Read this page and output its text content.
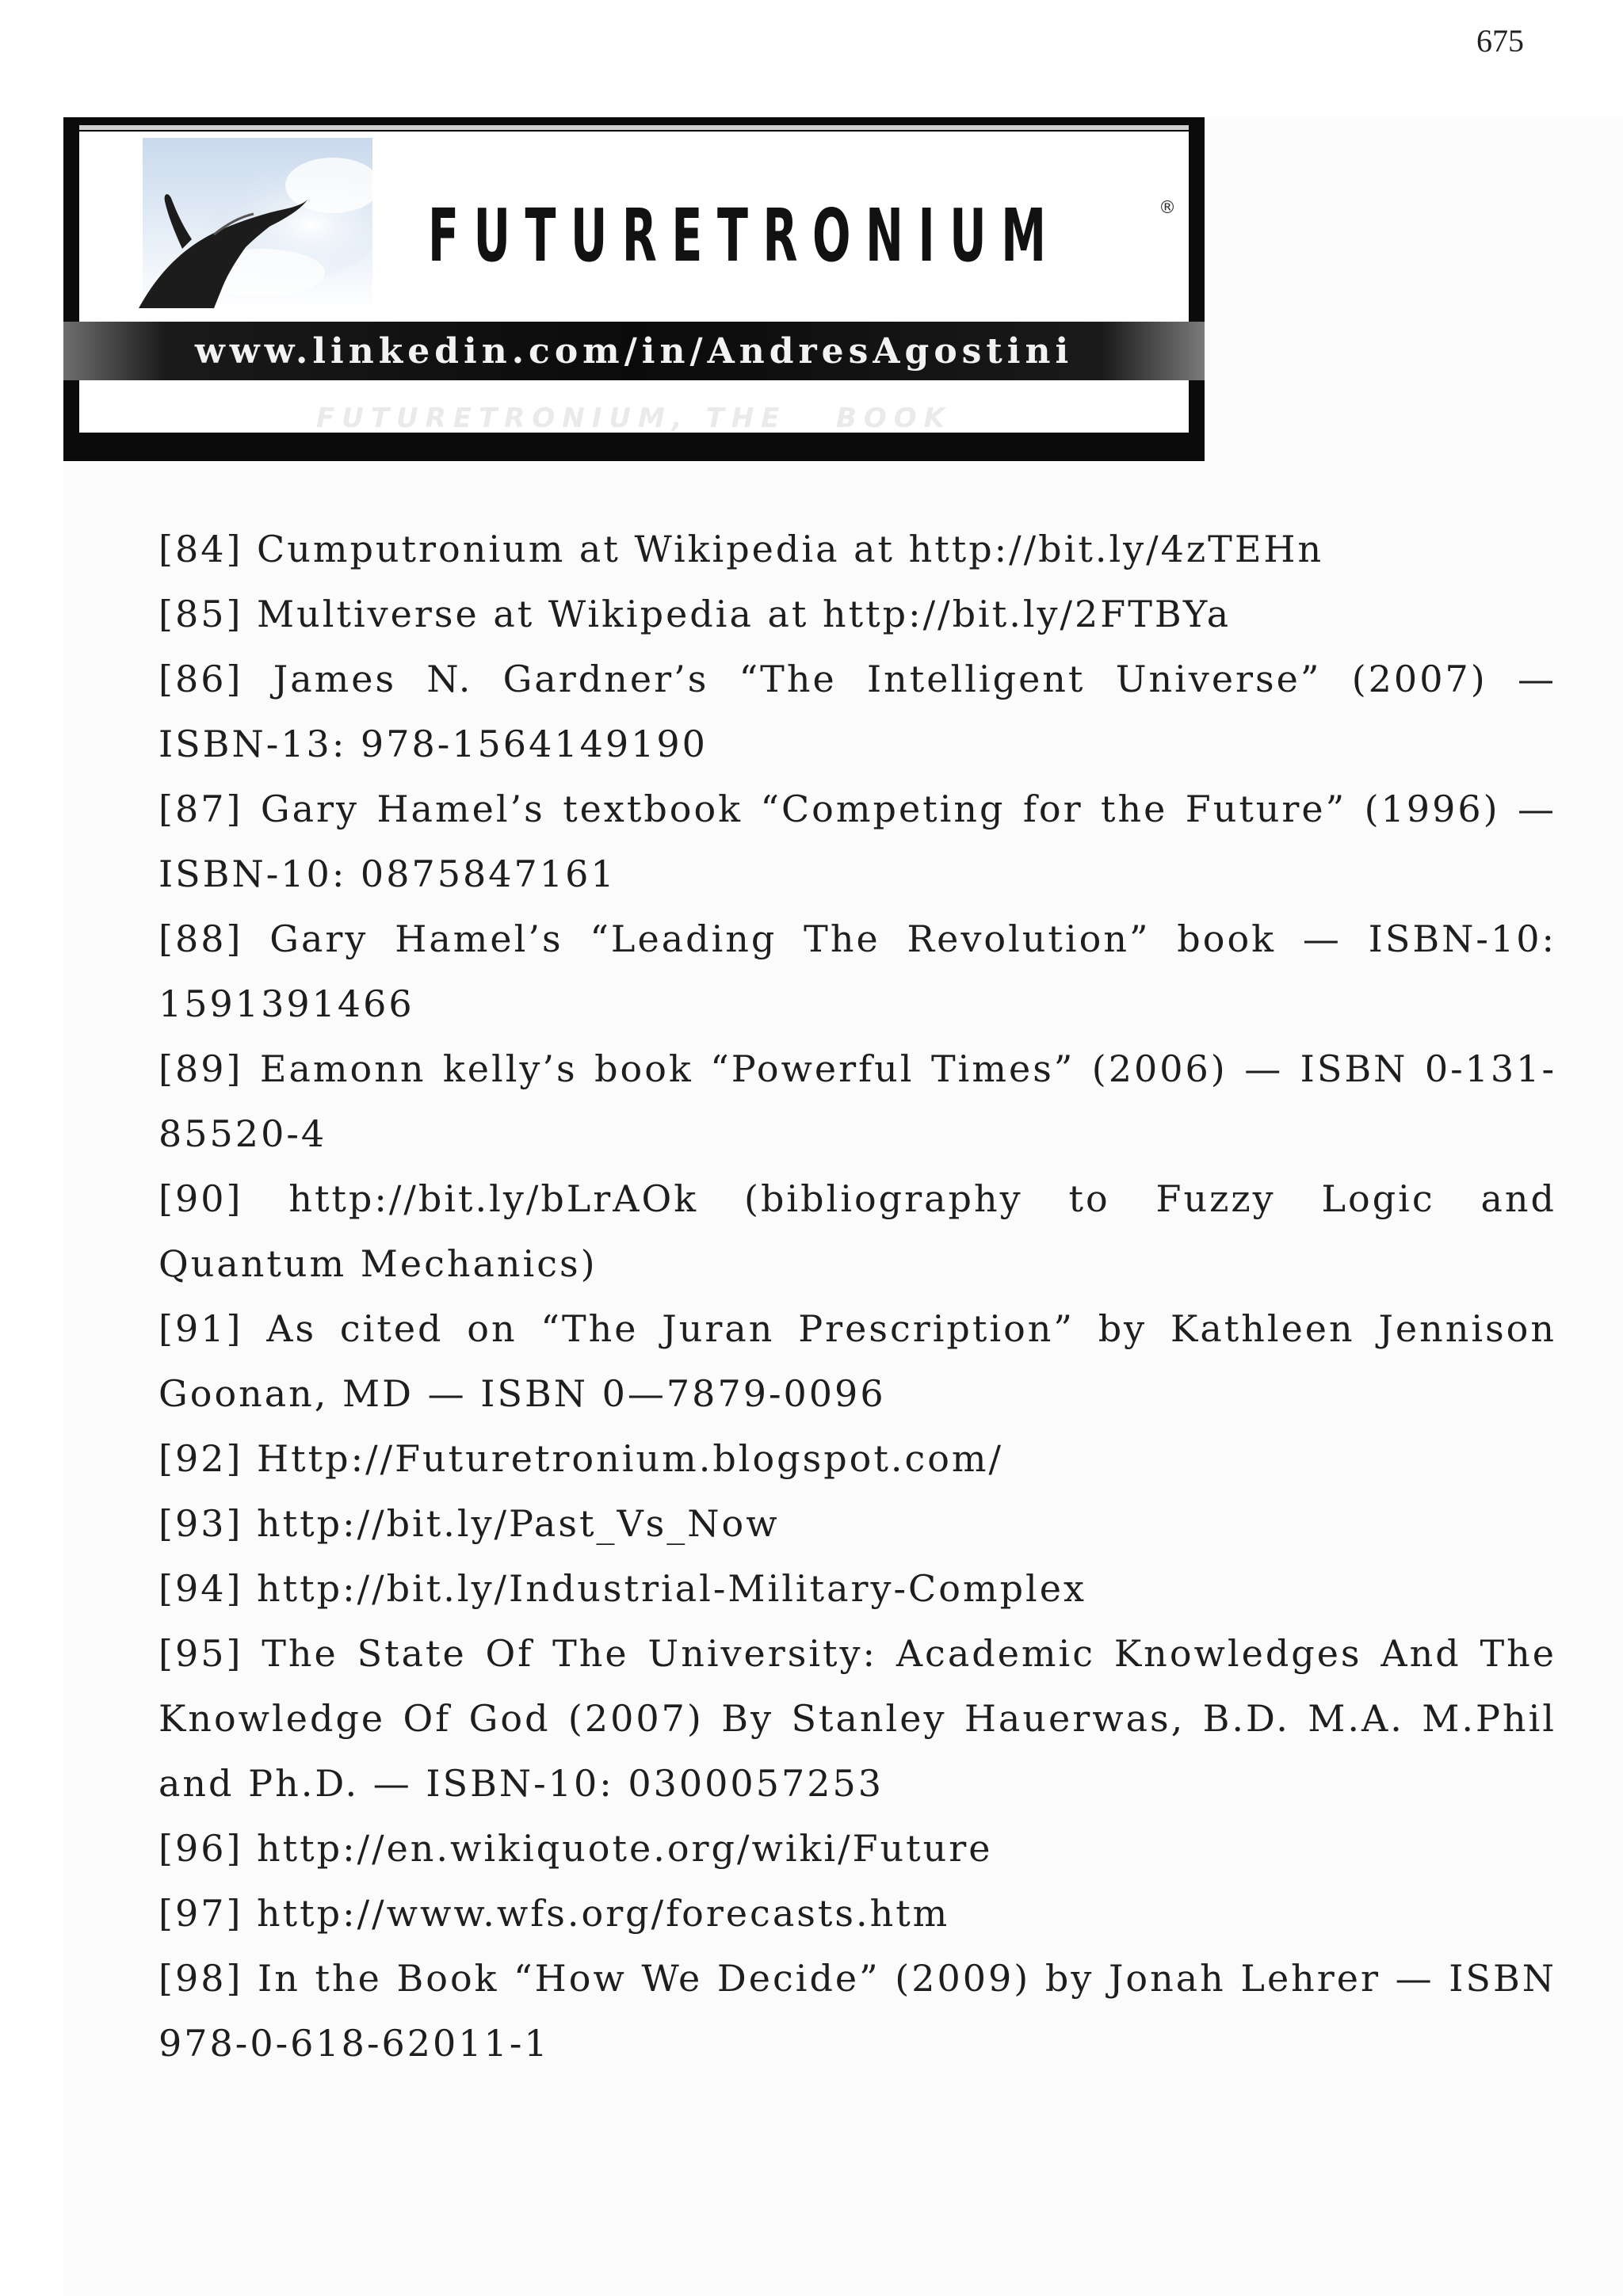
675
FUTURETRONIUM	®
www.linkedin.com/in/AndresAgostini
FUTURETRONIUM, THE   BOOK
[84] Cumputronium at Wikipedia at http://bit.ly/4zTEHn
[85] Multiverse at Wikipedia at http://bit.ly/2FTBYa
[86] James N. Gardner’s “The Intelligent Universe” (2007) — ISBN-13: 978-1564149190
[87] Gary Hamel’s textbook “Competing for the Future” (1996) — ISBN-10: 0875847161
[88] Gary Hamel’s “Leading The Revolution” book — ISBN-10: 1591391466
[89] Eamonn kelly’s book “Powerful Times” (2006) — ISBN 0-131-85520-4
[90] http://bit.ly/bLrAOk (bibliography to Fuzzy Logic and Quantum Mechanics)
[91] As cited on “The Juran Prescription” by Kathleen Jennison Goonan, MD — ISBN 0—7879-0096
[92] Http://Futuretronium.blogspot.com/
[93] http://bit.ly/Past_Vs_Now
[94] http://bit.ly/Industrial-Military-Complex
[95] The State Of The University: Academic Knowledges And The Knowledge Of God (2007) By Stanley Hauerwas, B.D. M.A. M.Phil and Ph.D. — ISBN-10: 0300057253
[96] http://en.wikiquote.org/wiki/Future
[97] http://www.wfs.org/forecasts.htm
[98] In the Book “How We Decide” (2009) by Jonah Lehrer — ISBN 978-0-618-62011-1
